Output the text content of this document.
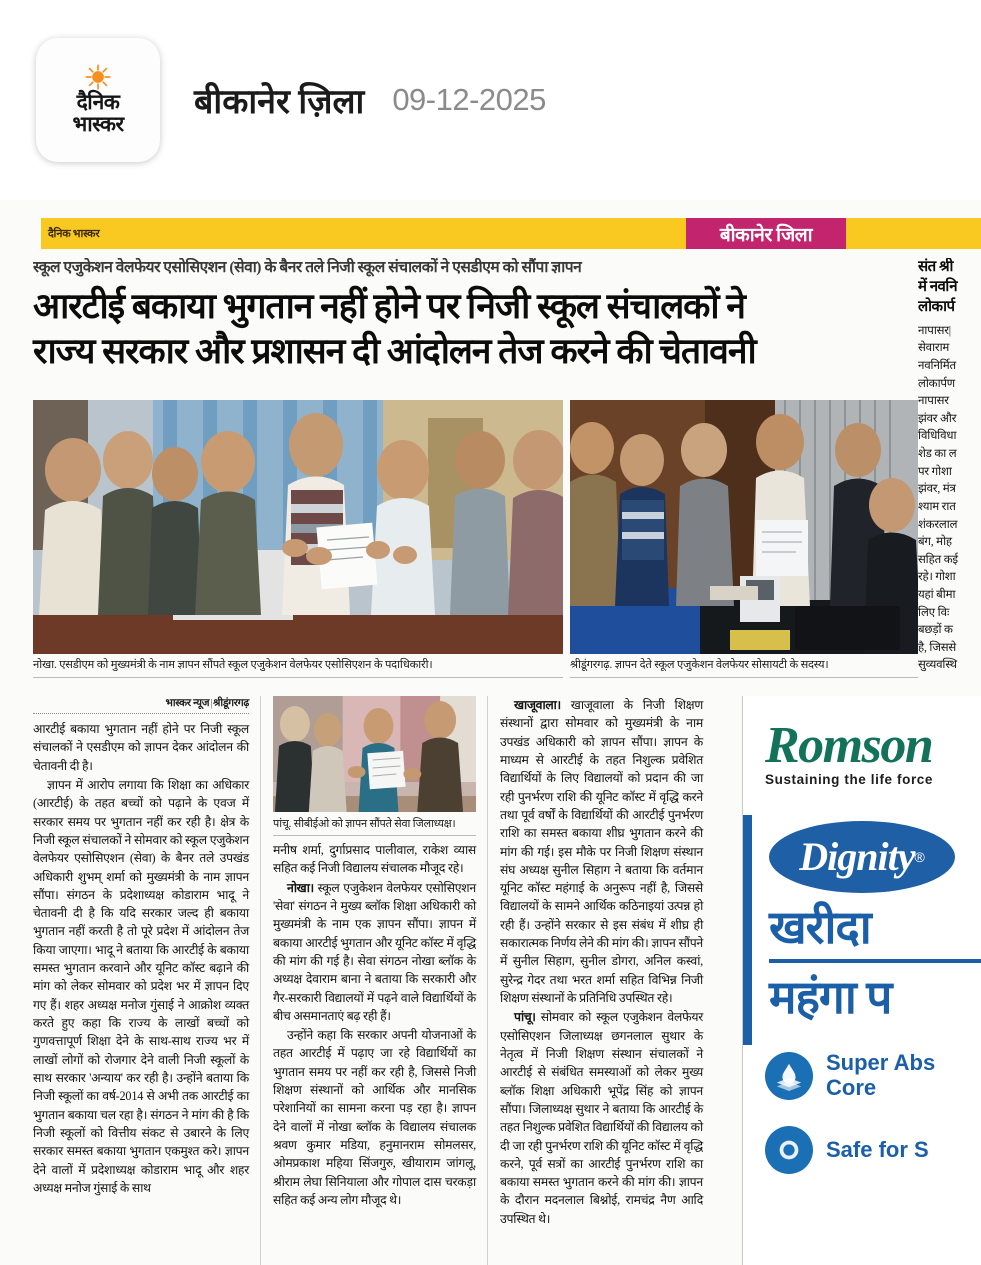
दैनिक
भास्कर
बीकानेर ज़िला 09-12-2025
दैनिक भास्कर	बीकानेर जिला
स्कूल एजुकेशन वेलफेयर एसोसिएशन (सेवा) के बैनर तले निजी स्कूल संचालकों ने एसडीएम को सौंपा ज्ञापन
आरटीई बकाया भुगतान नहीं होने पर निजी स्कूल संचालकों ने
राज्य सरकार और प्रशासन दी आंदोलन तेज करने की चेतावनी
नोखा. एसडीएम को मुख्यमंत्री के नाम ज्ञापन सौंपते स्कूल एजुकेशन वेलफेयर एसोसिएशन के पदाधिकारी।	श्रीडूंगरगढ़. ज्ञापन देते स्कूल एजुकेशन वेलफेयर सोसायटी के सदस्य।
भास्कर न्यूज|श्रीडूंगरगढ़

आरटीई बकाया भुगतान नहीं होने पर निजी स्कूल संचालकों ने एसडीएम को ज्ञापन देकर आंदोलन की चेतावनी दी है।

ज्ञापन में आरोप लगाया कि शिक्षा का अधिकार (आरटीई) के तहत बच्चों को पढ़ाने के एवज में सरकार समय पर भुगतान नहीं कर रही है। क्षेत्र के निजी स्कूल संचालकों ने सोमवार को स्कूल एजुकेशन वेलफेयर एसोसिएशन (सेवा) के बैनर तले उपखंड अधिकारी शुभम् शर्मा को मुख्यमंत्री के नाम ज्ञापन सौंपा। संगठन के प्रदेशाध्यक्ष कोडाराम भादू ने चेतावनी दी है कि यदि सरकार जल्द ही बकाया भुगतान नहीं करती है तो पूरे प्रदेश में आंदोलन तेज किया जाएगा। भादू ने बताया कि आरटीई के बकाया समस्त भुगतान करवाने और यूनिट कॉस्ट बढ़ाने की मांग को लेकर सोमवार को प्रदेश भर में ज्ञापन दिए गए हैं। शहर अध्यक्ष मनोज गुंसाई ने आक्रोश व्यक्त करते हुए कहा कि राज्य के लाखों बच्चों को गुणवत्तापूर्ण शिक्षा देने के साथ-साथ राज्य भर में लाखों लोगों को रोजगार देने वाली निजी स्कूलों के साथ सरकार 'अन्याय' कर रही है। उन्होंने बताया कि निजी स्कूलों का वर्ष-2014 से अभी तक आरटीई का भुगतान बकाया चल रहा है। संगठन ने मांग की है कि निजी स्कूलों को वित्तीय संकट से उबारने के लिए सरकार समस्त बकाया भुगतान एकमुश्त करे। ज्ञापन देने वालों में प्रदेशाध्यक्ष कोडाराम भादू और शहर अध्यक्ष मनोज गुंसाई के साथ

पांचू. सीबीईओ को ज्ञापन सौंपते सेवा जिलाध्यक्ष।

मनीष शर्मा, दुर्गाप्रसाद पालीवाल, राकेश व्यास सहित कई निजी विद्यालय संचालक मौजूद रहे।

नोखा। स्कूल एजुकेशन वेलफेयर एसोसिएशन 'सेवा' संगठन ने मुख्य ब्लॉक शिक्षा अधिकारी को मुख्यमंत्री के नाम एक ज्ञापन सौंपा। ज्ञापन में बकाया आरटीई भुगतान और यूनिट कॉस्ट में वृद्धि की मांग की गई है। सेवा संगठन नोखा ब्लॉक के अध्यक्ष देवाराम बाना ने बताया कि सरकारी और गैर-सरकारी विद्यालयों में पढ़ने वाले विद्यार्थियों के बीच असमानताएं बढ़ रही हैं।

उन्होंने कहा कि सरकार अपनी योजनाओं के तहत आरटीई में पढ़ाए जा रहे विद्यार्थियों का भुगतान समय पर नहीं कर रही है, जिससे निजी शिक्षण संस्थानों को आर्थिक और मानसिक परेशानियों का सामना करना पड़ रहा है। ज्ञापन देने वालों में नोखा ब्लॉक के विद्यालय संचालक श्रवण कुमार मडिया, हनुमानराम सोमलसर, ओमप्रकाश महिया सिंजगुरु, खीयाराम जांगलू, श्रीराम लेघा सिनियाला और गोपाल दास चरकड़ा सहित कई अन्य लोग मौजूद थे।

खाजूवाला। खाजूवाला के निजी शिक्षण संस्थानों द्वारा सोमवार को मुख्यमंत्री के नाम उपखंड अधिकारी को ज्ञापन सौंपा। ज्ञापन के माध्यम से आरटीई के तहत निशुल्क प्रवेशित विद्यार्थियों के लिए विद्यालयों को प्रदान की जा रही पुनर्भरण राशि की यूनिट कॉस्ट में वृद्धि करने तथा पूर्व वर्षों के विद्यार्थियों की आरटीई पुनर्भरण राशि का समस्त बकाया शीघ्र भुगतान करने की मांग की गई। इस मौके पर निजी शिक्षण संस्थान संघ अध्यक्ष सुनील सिहाग ने बताया कि वर्तमान यूनिट कॉस्ट महंगाई के अनुरूप नहीं है, जिससे विद्यालयों के सामने आर्थिक कठिनाइयां उत्पन्न हो रही हैं। उन्होंने सरकार से इस संबंध में शीघ्र ही सकारात्मक निर्णय लेने की मांग की। ज्ञापन सौंपने में सुनील सिहाग, सुनील डोगरा, अनिल कस्वां, सुरेन्द्र गेदर तथा भरत शर्मा सहित विभिन्न निजी शिक्षण संस्थानों के प्रतिनिधि उपस्थित रहे।

पांचू। सोमवार को स्कूल एजुकेशन वेलफेयर एसोसिएशन जिलाध्यक्ष छगनलाल सुथार के नेतृत्व में निजी शिक्षण संस्थान संचालकों ने आरटीई से संबंधित समस्याओं को लेकर मुख्य ब्लॉक शिक्षा अधिकारी भूपेंद्र सिंह को ज्ञापन सौंपा। जिलाध्यक्ष सुथार ने बताया कि आरटीई के तहत निशुल्क प्रवेशित विद्यार्थियों की विद्यालय को दी जा रही पुनर्भरण राशि की यूनिट कॉस्ट में वृद्धि करने, पूर्व सत्रों का आरटीई पुनर्भरण राशि का बकाया समस्त भुगतान करने की मांग की। ज्ञापन के दौरान मदनलाल बिश्नोई, रामचंद्र नैण आदि उपस्थित थे।

संत श्री
में नवनि
लोकार्प
नापासर|
सेवाराम
नवनिर्मित
लोकार्पण
नापासर
झंवर और
विधिविधा
शेड का ल
पर गोशा
झंवर, मंत्र
श्याम रात
शंकरलाल
बंग, मोह
सहित कई
रहे। गोशा
यहां बीमा
लिए विः
बछड़ों क
है, जिससे
सुव्यवस्थि
Romson
Sustaining the life force
Dignity ®
खरीदा
महंगा प
Super Abs
Core
Safe for S
